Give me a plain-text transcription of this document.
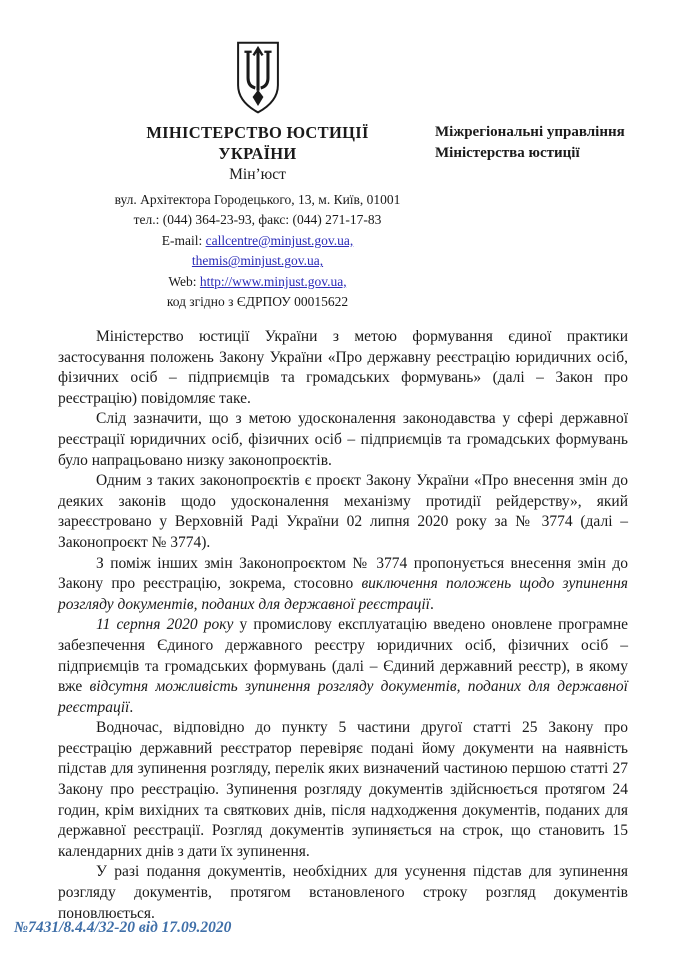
МІНІСТЕРСТВО ЮСТИЦІЇ
УКРАЇНИ
Мін’юст
вул. Архітектора Городецького, 13, м. Київ, 01001
тел.: (044) 364-23-93, факс: (044) 271-17-83
E-mail: callcentre@minjust.gov.ua,
themis@minjust.gov.ua,
Web: http://www.minjust.gov.ua,
код згідно з ЄДРПОУ 00015622
Міжрегіональні управління
Міністерства юстиції

Міністерство юстиції України з метою формування єдиної практики застосування положень Закону України «Про державну реєстрацію юридичних осіб, фізичних осіб – підприємців та громадських формувань» (далі – Закон про реєстрацію) повідомляє таке.

Слід зазначити, що з метою удосконалення законодавства у сфері державної реєстрації юридичних осіб, фізичних осіб – підприємців та громадських формувань було напрацьовано низку законопроєктів.

Одним з таких законопроєктів є проєкт Закону України «Про внесення змін до деяких законів щодо удосконалення механізму протидії рейдерству», який зареєстровано у Верховній Раді України 02 липня 2020 року за № 3774 (далі – Законопроєкт № 3774).

З поміж інших змін Законопроєктом № 3774 пропонується внесення змін до Закону про реєстрацію, зокрема, стосовно виключення положень щодо зупинення розгляду документів, поданих для державної реєстрації.

11 серпня 2020 року у промислову експлуатацію введено оновлене програмне забезпечення Єдиного державного реєстру юридичних осіб, фізичних осіб – підприємців та громадських формувань (далі – Єдиний державний реєстр), в якому вже відсутня можливість зупинення розгляду документів, поданих для державної реєстрації.

Водночас, відповідно до пункту 5 частини другої статті 25 Закону про реєстрацію державний реєстратор перевіряє подані йому документи на наявність підстав для зупинення розгляду, перелік яких визначений частиною першою статті 27 Закону про реєстрацію. Зупинення розгляду документів здійснюється протягом 24 годин, крім вихідних та святкових днів, після надходження документів, поданих для державної реєстрації. Розгляд документів зупиняється на строк, що становить 15 календарних днів з дати їх зупинення.

У разі подання документів, необхідних для усунення підстав для зупинення розгляду документів, протягом встановленого строку розгляд документів поновлюється.

№7431/8.4.4/32-20 від 17.09.2020
